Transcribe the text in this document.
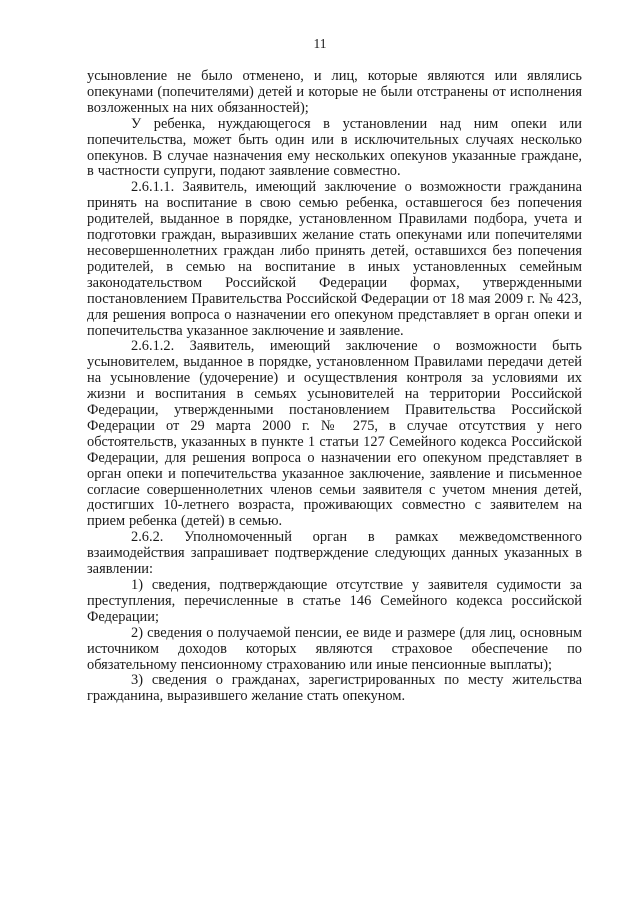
11

усыновление не было отменено, и лиц, которые являются или являлись опекунами (попечителями) детей и которые не были отстранены от исполнения возложенных на них обязанностей);

У ребенка, нуждающегося в установлении над ним опеки или попечительства, может быть один или в исключительных случаях несколько опекунов. В случае назначения ему нескольких опекунов указанные граждане, в частности супруги, подают заявление совместно.

2.6.1.1. Заявитель, имеющий заключение о возможности гражданина принять на воспитание в свою семью ребенка, оставшегося без попечения родителей, выданное в порядке, установленном Правилами подбора, учета и подготовки граждан, выразивших желание стать опекунами или попечителями несовершеннолетних граждан либо принять детей, оставшихся без попечения родителей, в семью на воспитание в иных установленных семейным законодательством Российской Федерации формах, утвержденными постановлением Правительства Российской Федерации от 18 мая 2009 г. № 423, для решения вопроса о назначении его опекуном представляет в орган опеки и попечительства указанное заключение и заявление.

2.6.1.2. Заявитель, имеющий заключение о возможности быть усыновителем, выданное в порядке, установленном Правилами передачи детей на усыновление (удочерение) и осуществления контроля за условиями их жизни и воспитания в семьях усыновителей на территории Российской Федерации, утвержденными постановлением Правительства Российской Федерации от 29 марта 2000 г. № 275, в случае отсутствия у него обстоятельств, указанных в пункте 1 статьи 127 Семейного кодекса Российской Федерации, для решения вопроса о назначении его опекуном представляет в орган опеки и попечительства указанное заключение, заявление и письменное согласие совершеннолетних членов семьи заявителя с учетом мнения детей, достигших 10-летнего возраста, проживающих совместно с заявителем на прием ребенка (детей) в семью.

2.6.2. Уполномоченный орган в рамках межведомственного взаимодействия запрашивает подтверждение следующих данных указанных в заявлении:

1) сведения, подтверждающие отсутствие у заявителя судимости за преступления, перечисленные в статье 146 Семейного кодекса российской Федерации;

2) сведения о получаемой пенсии, ее виде и размере (для лиц, основным источником доходов которых являются страховое обеспечение по обязательному пенсионному страхованию или иные пенсионные выплаты);

3) сведения о гражданах, зарегистрированных по месту жительства гражданина, выразившего желание стать опекуном.
